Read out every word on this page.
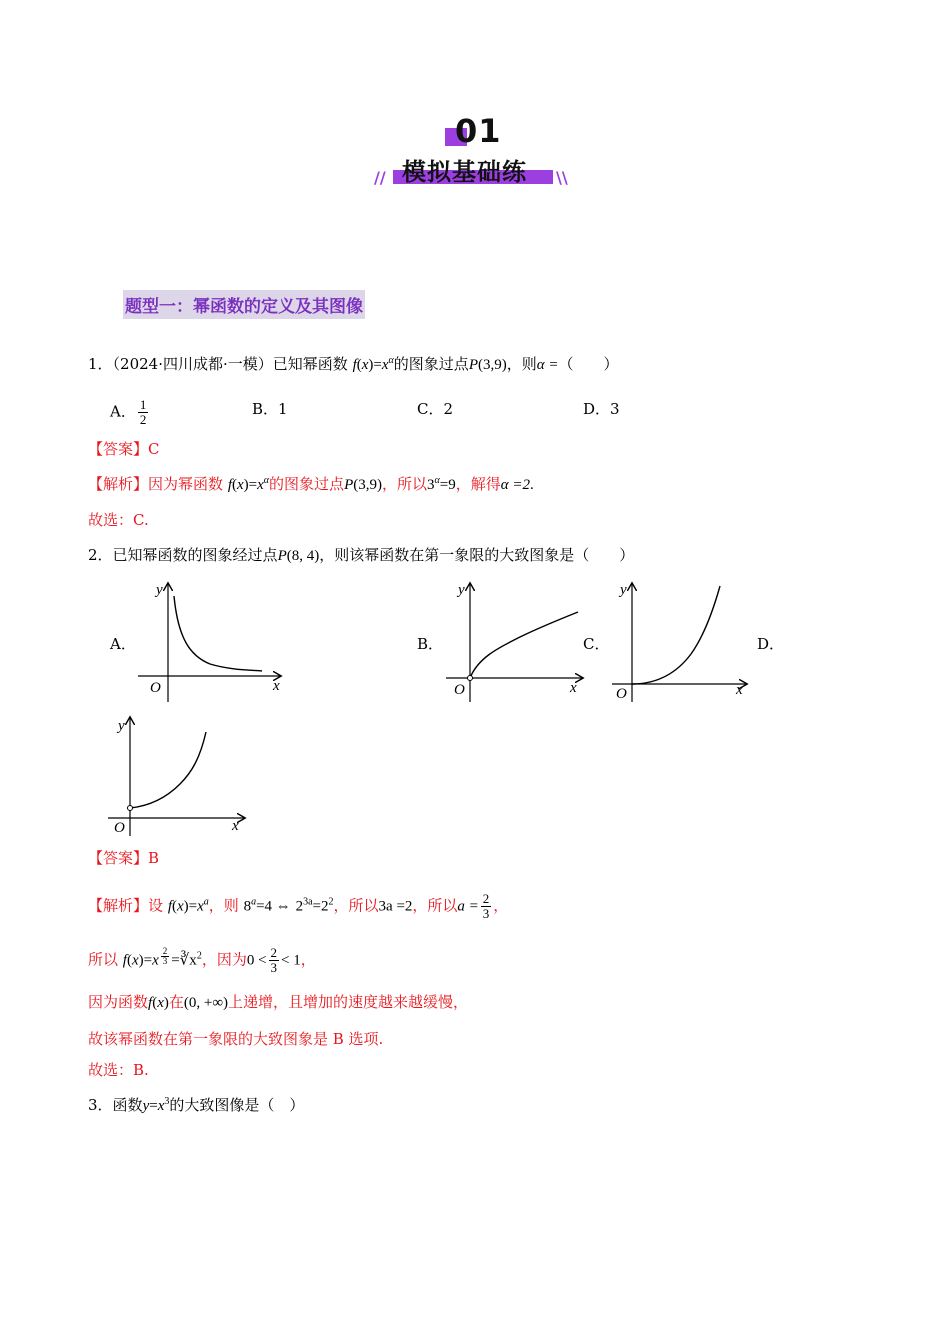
01
模拟基础练
//	\\
题型一：幂函数的定义及其图像
1．（2024·四川成都·一模）已知幂函数 $f(x)=x^\alpha$的图象过点P(3,9)，则α =（　　）
A． $\frac{1}{2}$	B．1	C．2	D．3
【答案】C
【解析】因为幂函数 $f(x)=x^\alpha$的图象过点P(3,9)，所以$3^\alpha=9$，解得α =2.
故选：C.
2．已知幂函数的图象经过点P(8, 4)，则该幂函数在第一象限的大致图象是（　　）
A．	B．	C．	D．
y
x
O
y
x
O
y
x
O
y
x
O
【答案】B
【解析】设 $f(x)=x^a$，则 $8^a=4$ ⇔ $2^{3a}=2^2$，所以3a =2，所以$a = \frac{2}{3}$ ，
所以 f(x)=x $^{\frac{2}{3}} =∛x^2$，因为$0 < \frac{2}{3} < 1$，
因为函数f(x)在(0, +∞)上递增，且增加的速度越来越缓慢，
故该幂函数在第一象限的大致图象是 B 选项.
故选：B.
3．函数$y=x^3$的大致图像是（　）
